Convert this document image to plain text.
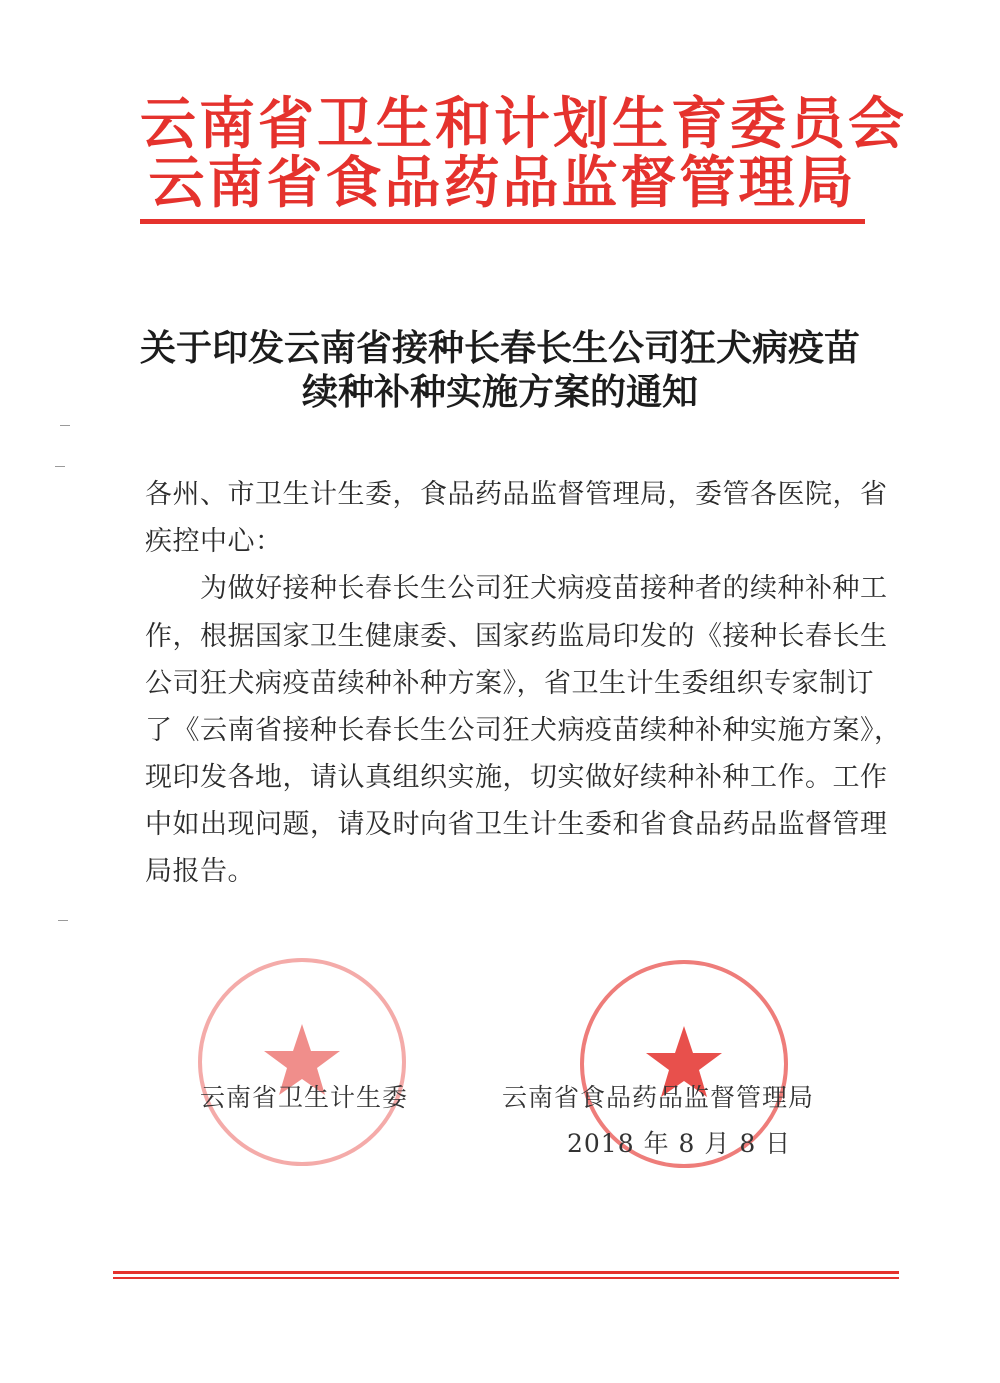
云南省卫生和计划生育委员会
云南省食品药品监督管理局
关于印发云南省接种长春长生公司狂犬病疫苗
续种补种实施方案的通知
各州、市卫生计生委，食品药品监督管理局，委管各医院，省
疾控中心：
为做好接种长春长生公司狂犬病疫苗接种者的续种补种工
作，根据国家卫生健康委、国家药监局印发的《接种长春长生
公司狂犬病疫苗续种补种方案》，省卫生计生委组织专家制订
了《云南省接种长春长生公司狂犬病疫苗续种补种实施方案》，
现印发各地，请认真组织实施，切实做好续种补种工作。工作
中如出现问题，请及时向省卫生计生委和省食品药品监督管理
局报告。
云南省卫生计生委	云南省食品药品监督管理局
2018 年 8 月 8 日
